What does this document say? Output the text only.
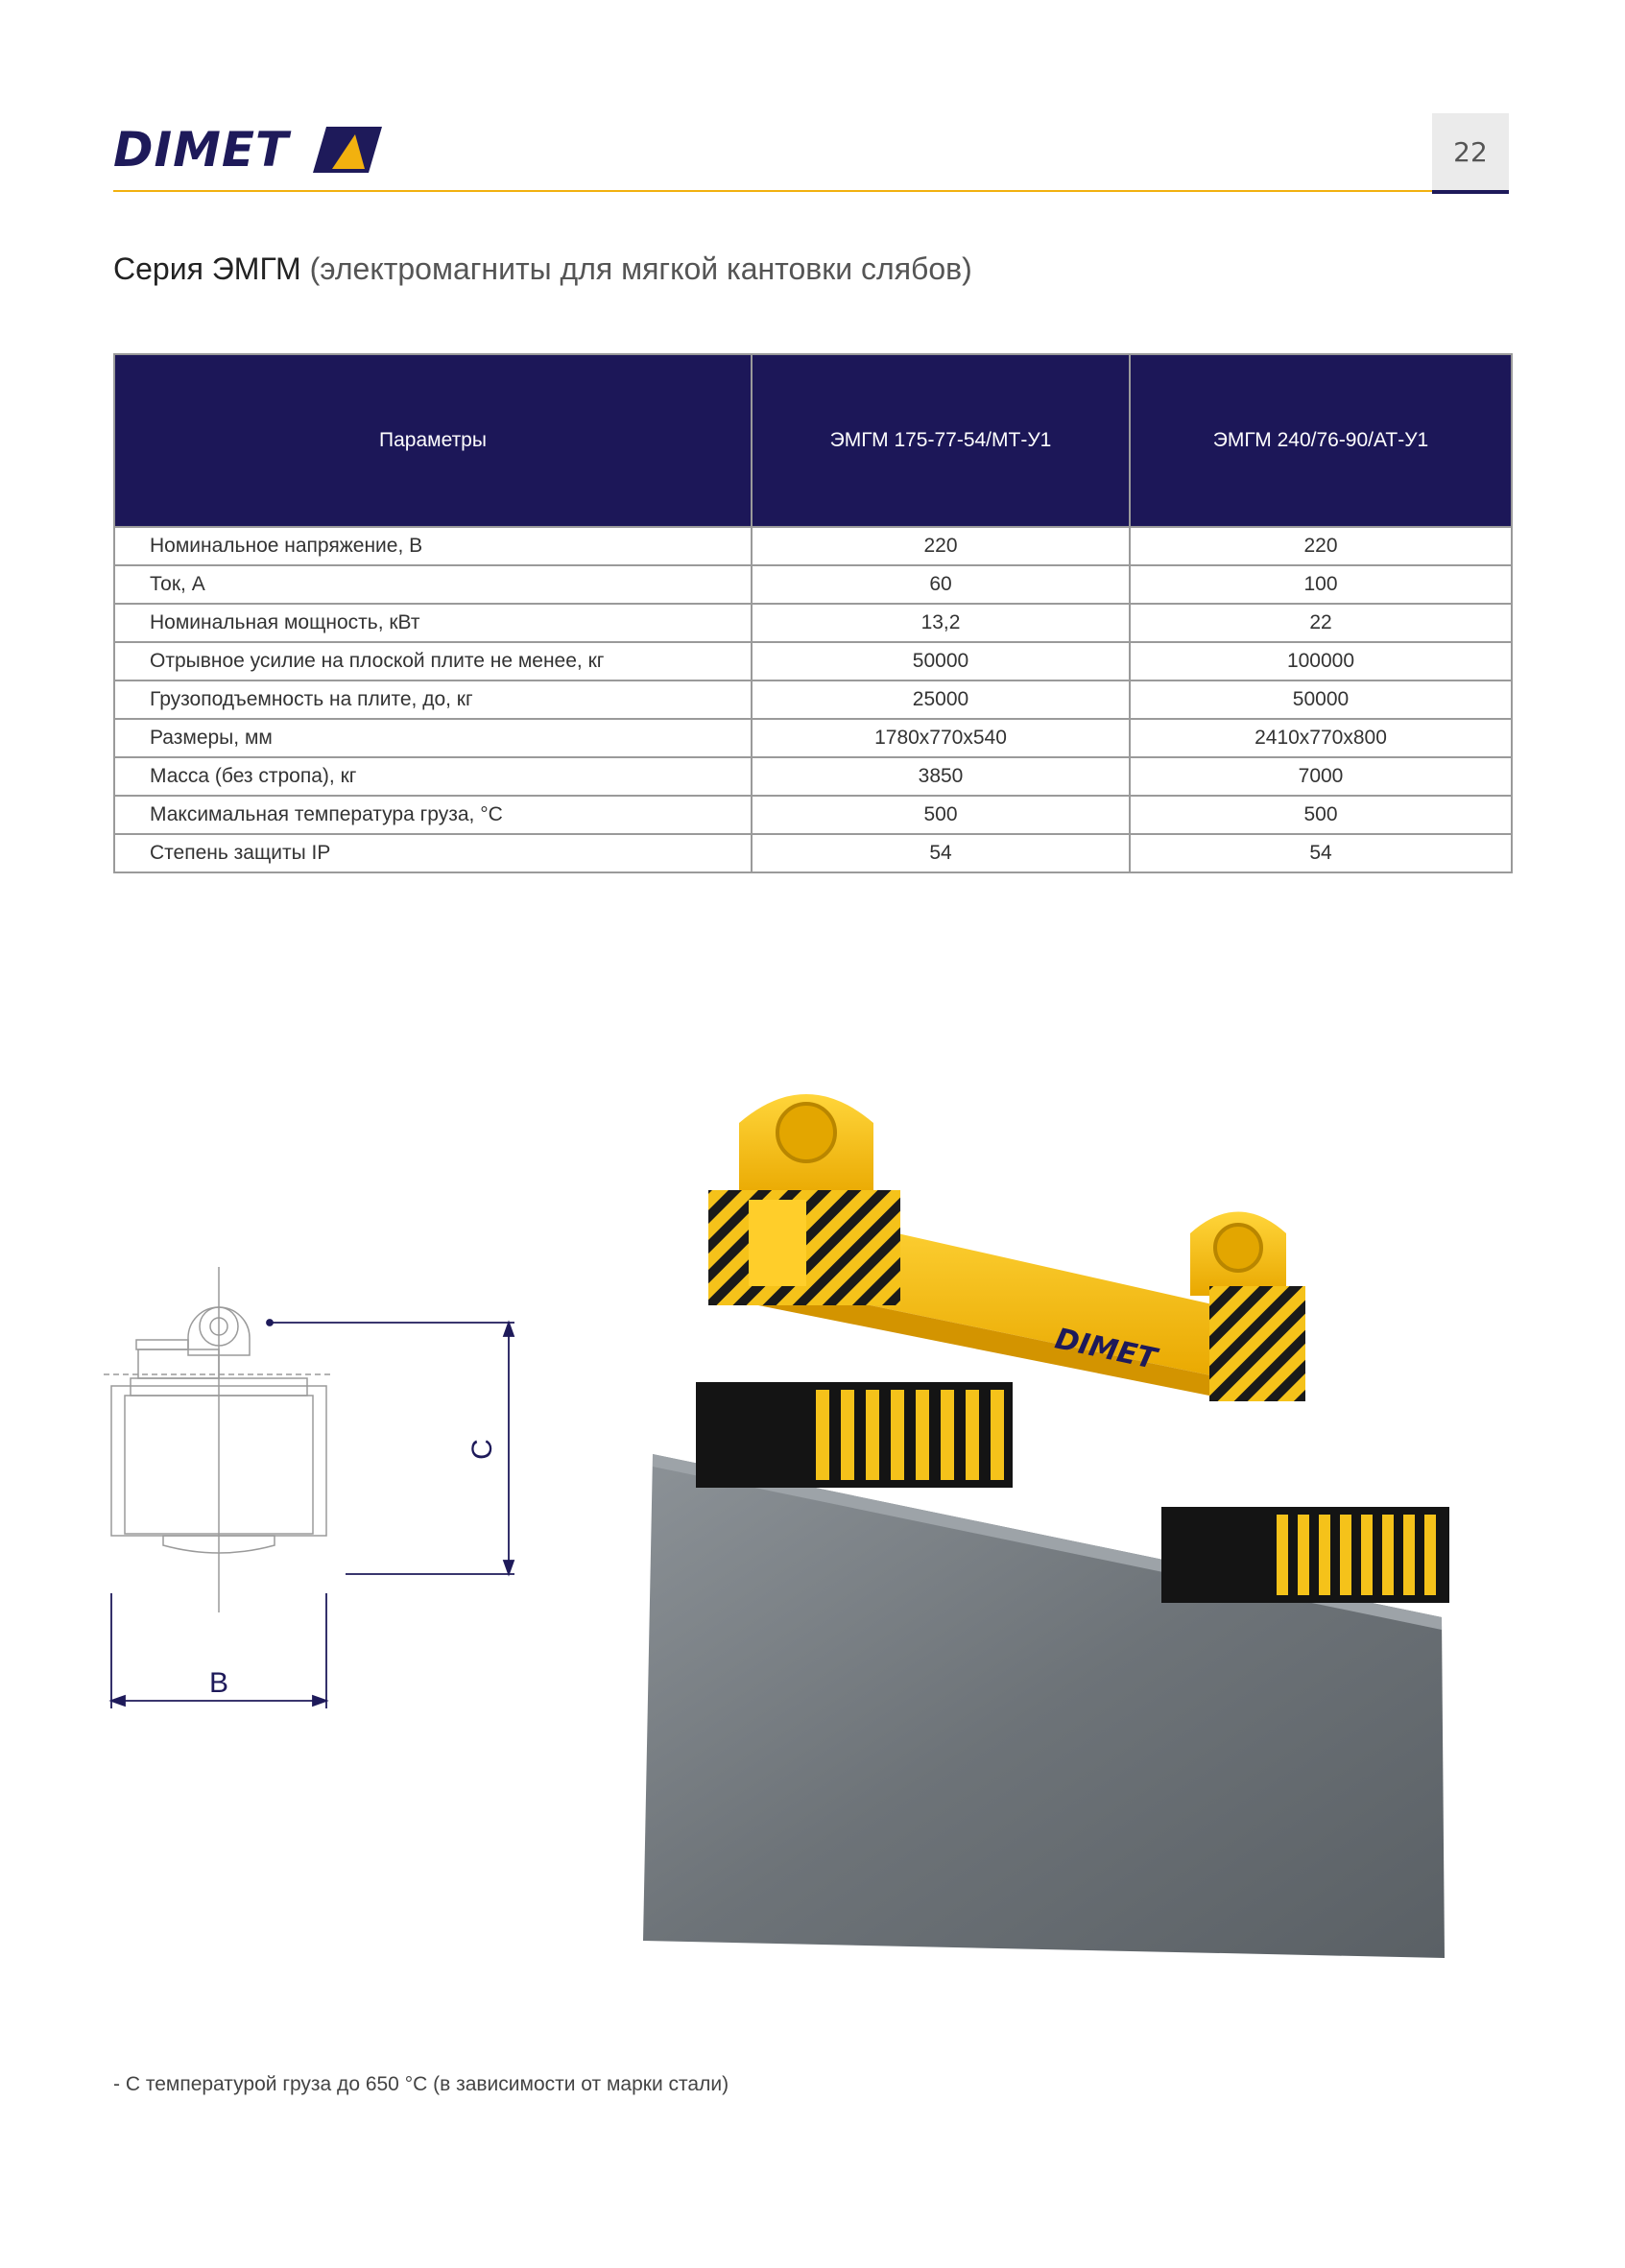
DIMET	22
Серия ЭМГМ (электромагниты для мягкой кантовки слябов)
Параметры	ЭМГМ 175-77-54/МТ-У1	ЭМГМ 240/76-90/АТ-У1
Номинальное напряжение, В	220	220
Ток, А	60	100
Номинальная мощность, кВт	13,2	22
Отрывное усилие на плоской плите не менее, кг	50000	100000
Грузоподъемность на плите, до, кг	25000	50000
Размеры, мм	1780х770х540	2410х770х800
Масса (без стропа), кг	3850	7000
Максимальная температура груза, °С	500	500
Степень защиты IP	54	54
C
B
DIMET
- С температурой груза до 650 °С (в зависимости от марки стали)
